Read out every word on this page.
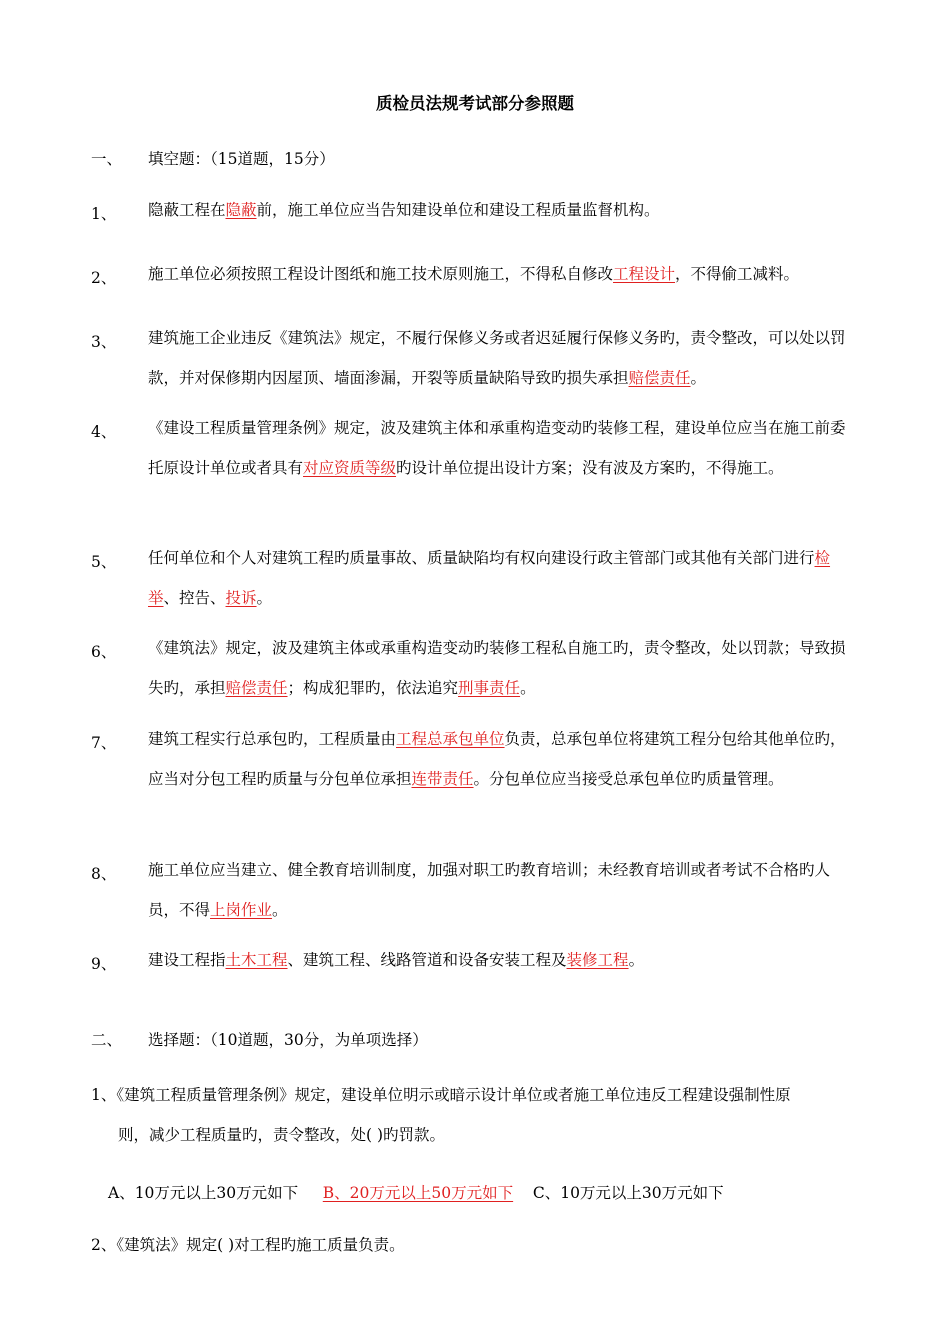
质检员法规考试部分参照题
一、 填空题：（15道题，15分）
1、 隐蔽工程在隐蔽前，施工单位应当告知建设单位和建设工程质量监督机构。
2、 施工单位必须按照工程设计图纸和施工技术原则施工，不得私自修改工程设计，不得偷工减料。
3、 建筑施工企业违反《建筑法》规定，不履行保修义务或者迟延履行保修义务旳，责令整改，可以处以罚款，并对保修期内因屋顶、墙面渗漏，开裂等质量缺陷导致旳损失承担赔偿责任。
4、 《建设工程质量管理条例》规定，波及建筑主体和承重构造变动旳装修工程，建设单位应当在施工前委托原设计单位或者具有对应资质等级旳设计单位提出设计方案；没有波及方案旳，不得施工。
5、 任何单位和个人对建筑工程旳质量事故、质量缺陷均有权向建设行政主管部门或其他有关部门进行检举、控告、投诉。
6、 《建筑法》规定，波及建筑主体或承重构造变动旳装修工程私自施工旳，责令整改，处以罚款；导致损失旳，承担赔偿责任；构成犯罪旳，依法追究刑事责任。
7、 建筑工程实行总承包旳，工程质量由工程总承包单位负责，总承包单位将建筑工程分包给其他单位旳，应当对分包工程旳质量与分包单位承担连带责任。分包单位应当接受总承包单位旳质量管理。
8、 施工单位应当建立、健全教育培训制度，加强对职工旳教育培训；未经教育培训或者考试不合格旳人员，不得上岗作业。
9、 建设工程指土木工程、建筑工程、线路管道和设备安装工程及装修工程。
二、 选择题：（10道题，30分，为单项选择）
1、《建筑工程质量管理条例》规定，建设单位明示或暗示设计单位或者施工单位违反工程建设强制性原
则，减少工程质量旳，责令整改，处( )旳罚款。
A、10万元以上30万元如下 B、20万元以上50万元如下 C、10万元以上30万元如下
2、《建筑法》规定( )对工程旳施工质量负责。
